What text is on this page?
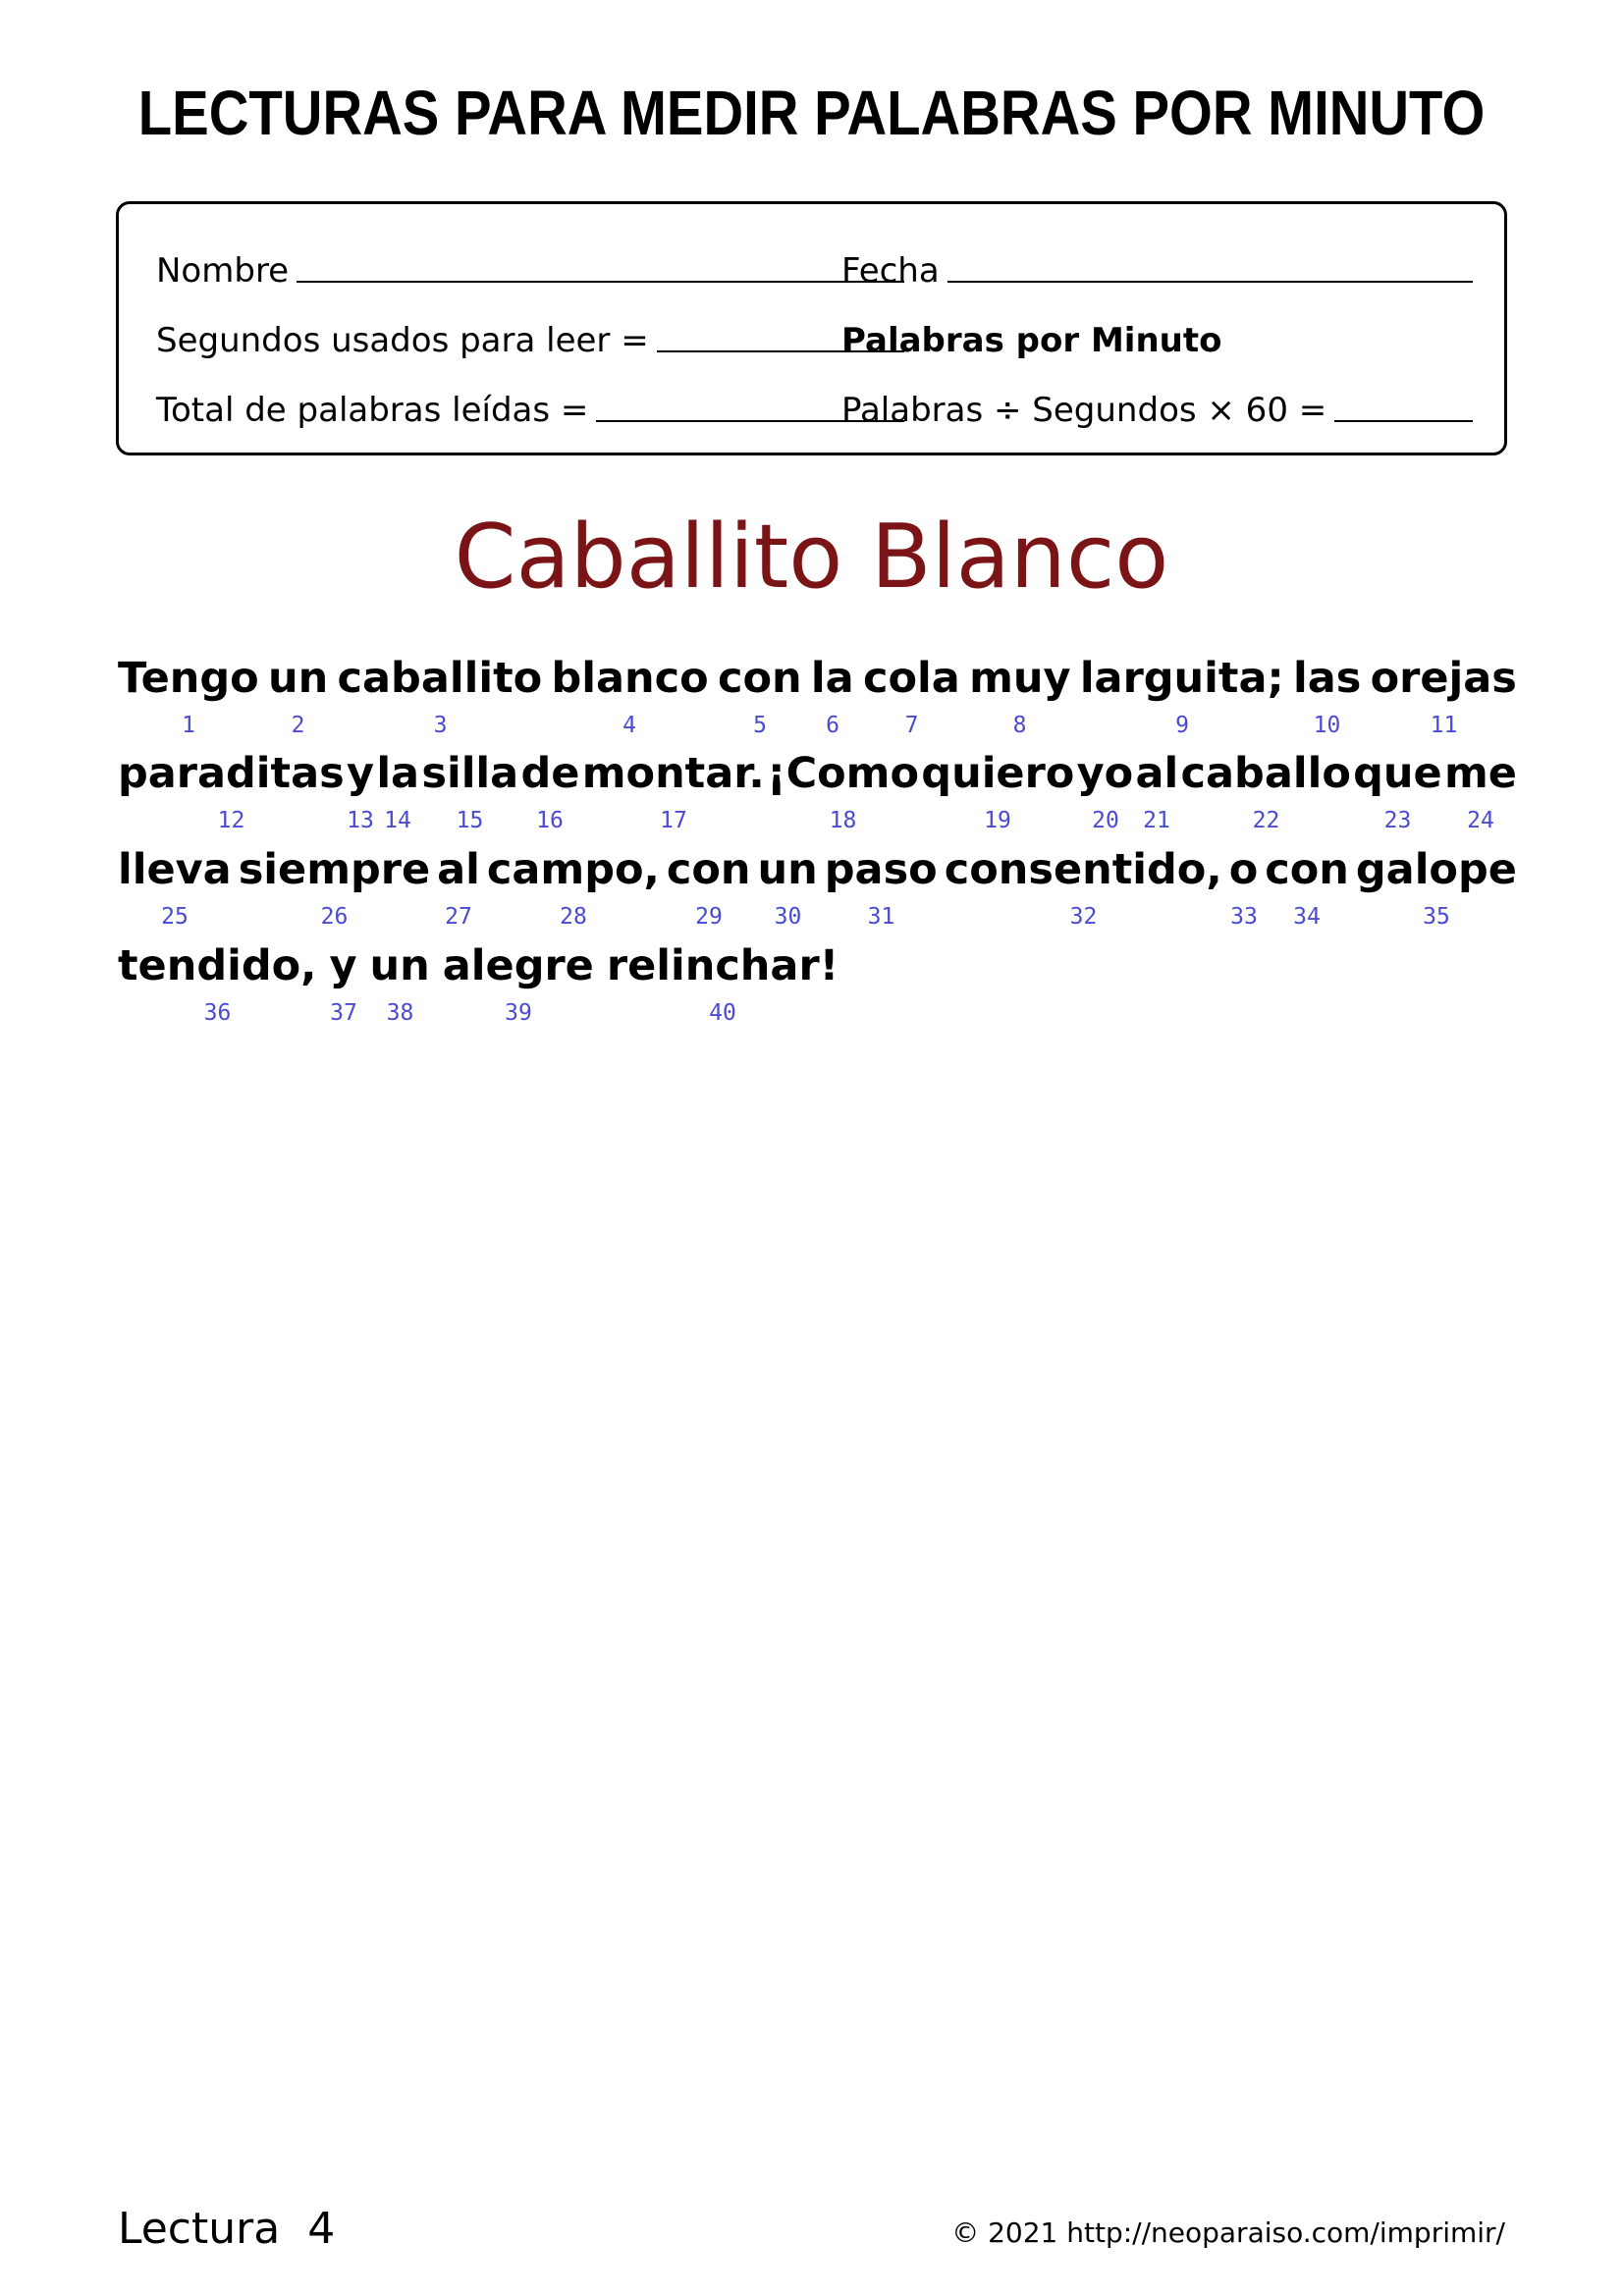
LECTURAS PARA MEDIR PALABRAS POR MINUTO
Nombre	Fecha
Segundos usados para leer =	Palabras por Minuto
Total de palabras leídas =	Palabras ÷ Segundos × 60 =
Caballito Blanco
Tengo un caballito blanco con la cola muy larguita; las orejas
1	2	3	4	5	6	7	8	9	10	11
paraditas y la silla de montar. ¡Como quiero yo al caballo que me
12	13 14 15 16	17	18	19	20 21	22	23 24
lleva siempre al campo, con un paso consentido, o con galope
25	26	27	28	29 30	31	32	33 34	35
tendido, y un alegre relinchar!
36	37 38	39	40
Lectura 4	© 2021 http://neoparaiso.com/imprimir/
